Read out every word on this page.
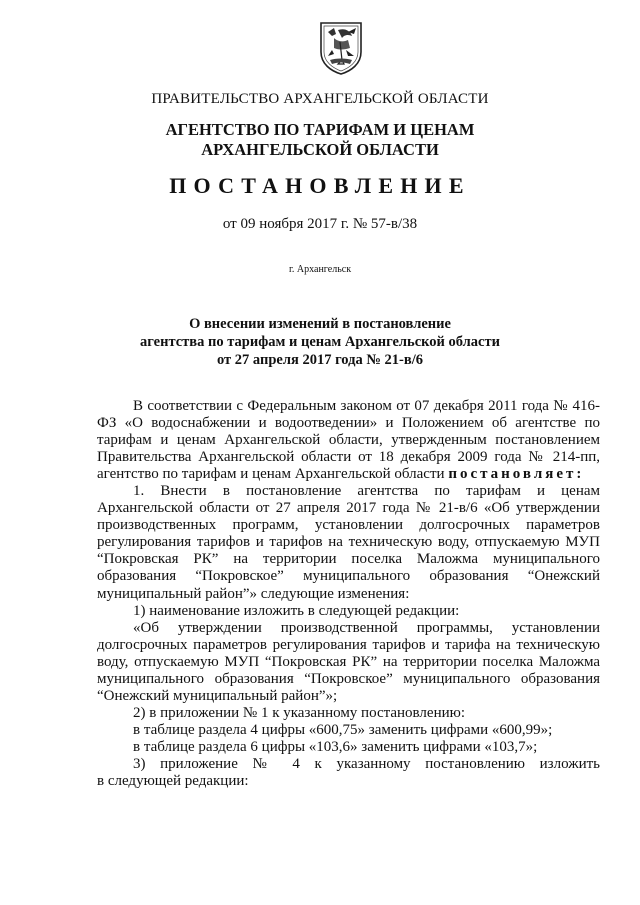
ПРАВИТЕЛЬСТВО АРХАНГЕЛЬСКОЙ ОБЛАСТИ
АГЕНТСТВО ПО ТАРИФАМ И ЦЕНАМ
АРХАНГЕЛЬСКОЙ ОБЛАСТИ
ПОСТАНОВЛЕНИЕ
от 09 ноября 2017 г. № 57-в/38
г. Архангельск
О внесении изменений в постановление
агентства по тарифам и ценам Архангельской области
от 27 апреля 2017 года № 21-в/6

В соответствии с Федеральным законом от 07 декабря 2011 года № 416-ФЗ «О водоснабжении и водоотведении» и Положением об агентстве по тарифам и ценам Архангельской области, утвержденным постановлением Правительства Архангельской области от 18 декабря 2009 года № 214-пп, агентство по тарифам и ценам Архангельской области постановляет:

1. Внести в постановление агентства по тарифам и ценам Архангельской области от 27 апреля 2017 года № 21-в/6 «Об утверждении производственных программ, установлении долгосрочных параметров регулирования тарифов и тарифов на техническую воду, отпускаемую МУП “Покровская РК” на территории поселка Маложма муниципального образования “Покровское” муниципального образования “Онежский муниципальный район”» следующие изменения:

1) наименование изложить в следующей редакции:

«Об утверждении производственной программы, установлении долгосрочных параметров регулирования тарифов и тарифа на техническую воду, отпускаемую МУП “Покровская РК” на территории поселка Маложма муниципального образования “Покровское” муниципального образования “Онежский муниципальный район”»;

2) в приложении № 1 к указанному постановлению:

в таблице раздела 4 цифры «600,75» заменить цифрами «600,99»;

в таблице раздела 6 цифры «103,6» заменить цифрами «103,7»;

3) приложение № 4 к указанному постановлению изложить

в следующей редакции:
